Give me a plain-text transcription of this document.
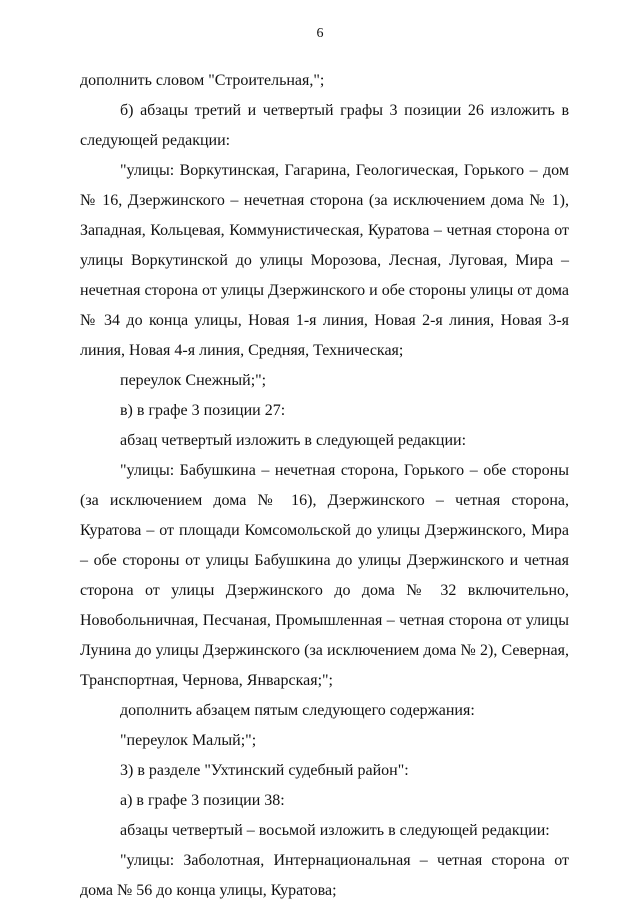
6

дополнить словом "Строительная,";

б) абзацы третий и четвертый графы 3 позиции 26 изложить в следующей редакции:

"улицы: Воркутинская, Гагарина, Геологическая, Горького – дом № 16, Дзержинского – нечетная сторона (за исключением дома № 1), Западная, Кольцевая, Коммунистическая, Куратова – четная сторона от улицы Воркутинской до улицы Морозова, Лесная, Луговая, Мира – нечетная сторона от улицы Дзержинского и обе стороны улицы от дома № 34 до конца улицы, Новая 1-я линия, Новая 2-я линия, Новая 3-я линия, Новая 4-я линия, Средняя, Техническая;

переулок Снежный;";

в) в графе 3 позиции 27:

абзац четвертый изложить в следующей редакции:

"улицы: Бабушкина – нечетная сторона, Горького – обе стороны (за исключением дома № 16), Дзержинского – четная сторона, Куратова – от площади Комсомольской до улицы Дзержинского, Мира – обе стороны от улицы Бабушкина до улицы Дзержинского и четная сторона от улицы Дзержинского до дома № 32 включительно, Новобольничная, Песчаная, Промышленная – четная сторона от улицы Лунина до улицы Дзержинского (за исключением дома № 2), Северная, Транспортная, Чернова, Январская;";

дополнить абзацем пятым следующего содержания:

"переулок Малый;";

3) в разделе "Ухтинский судебный район":

а) в графе 3 позиции 38:

абзацы четвертый – восьмой изложить в следующей редакции:

"улицы: Заболотная, Интернациональная – четная сторона от дома № 56 до конца улицы, Куратова;
